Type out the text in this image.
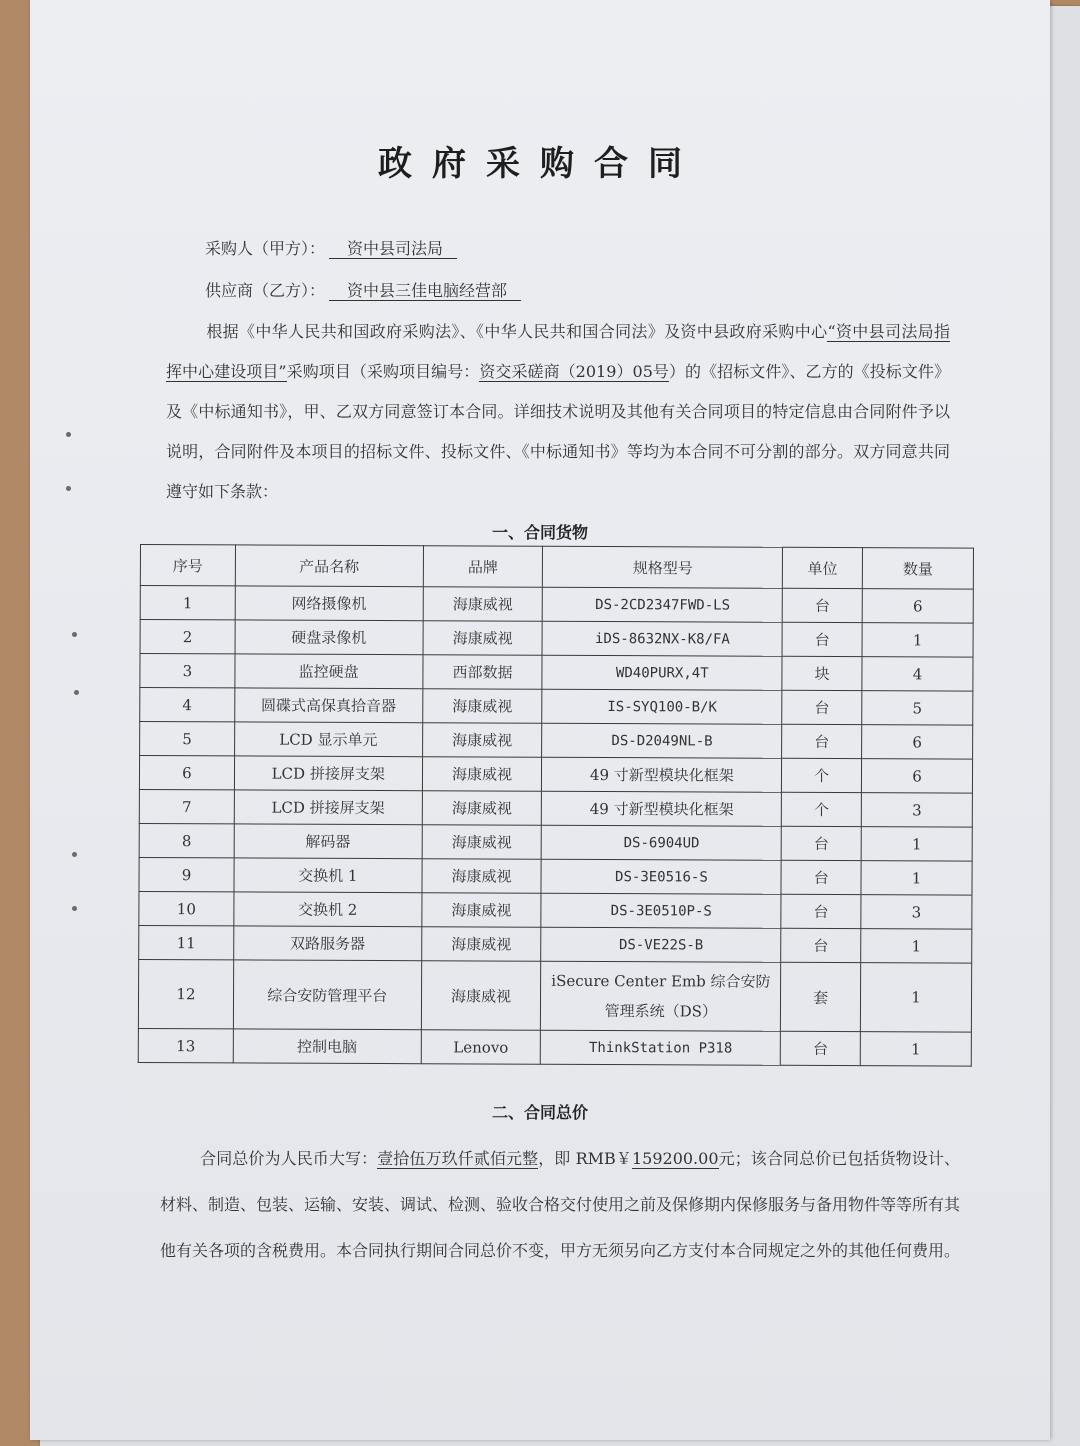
政府采购合同
采购人（甲方）： 资中县司法局
供应商（乙方）： 资中县三佳电脑经营部
根据《中华人民共和国政府采购法》、《中华人民共和国合同法》及资中县政府采购中心“资中县司法局指挥中心建设项目”采购项目（采购项目编号：资交采磋商（2019）05号）的《招标文件》、乙方的《投标文件》及《中标通知书》，甲、乙双方同意签订本合同。详细技术说明及其他有关合同项目的特定信息由合同附件予以说明，合同附件及本项目的招标文件、投标文件、《中标通知书》等均为本合同不可分割的部分。双方同意共同遵守如下条款：
一、合同货物
序号	产品名称	品牌	规格型号	单位	数量
1	网络摄像机	海康威视	DS-2CD2347FWD-LS	台	6
2	硬盘录像机	海康威视	iDS-8632NX-K8/FA	台	1
3	监控硬盘	西部数据	WD40PURX,4T	块	4
4	圆碟式高保真拾音器	海康威视	IS-SYQ100-B/K	台	5
5	LCD 显示单元	海康威视	DS-D2049NL-B	台	6
6	LCD 拼接屏支架	海康威视	49 寸新型模块化框架	个	6
7	LCD 拼接屏支架	海康威视	49 寸新型模块化框架	个	3
8	解码器	海康威视	DS-6904UD	台	1
9	交换机 1	海康威视	DS-3E0516-S	台	1
10	交换机 2	海康威视	DS-3E0510P-S	台	3
11	双路服务器	海康威视	DS-VE22S-B	台	1
12	综合安防管理平台	海康威视	iSecure Center Emb 综合安防管理系统（DS）	套	1
13	控制电脑	Lenovo	ThinkStation P318	台	1
二、合同总价
合同总价为人民币大写：壹拾伍万玖仟贰佰元整，即 RMB￥159200.00元；该合同总价已包括货物设计、材料、制造、包装、运输、安装、调试、检测、验收合格交付使用之前及保修期内保修服务与备用物件等等所有其他有关各项的含税费用。本合同执行期间合同总价不变，甲方无须另向乙方支付本合同规定之外的其他任何费用。
